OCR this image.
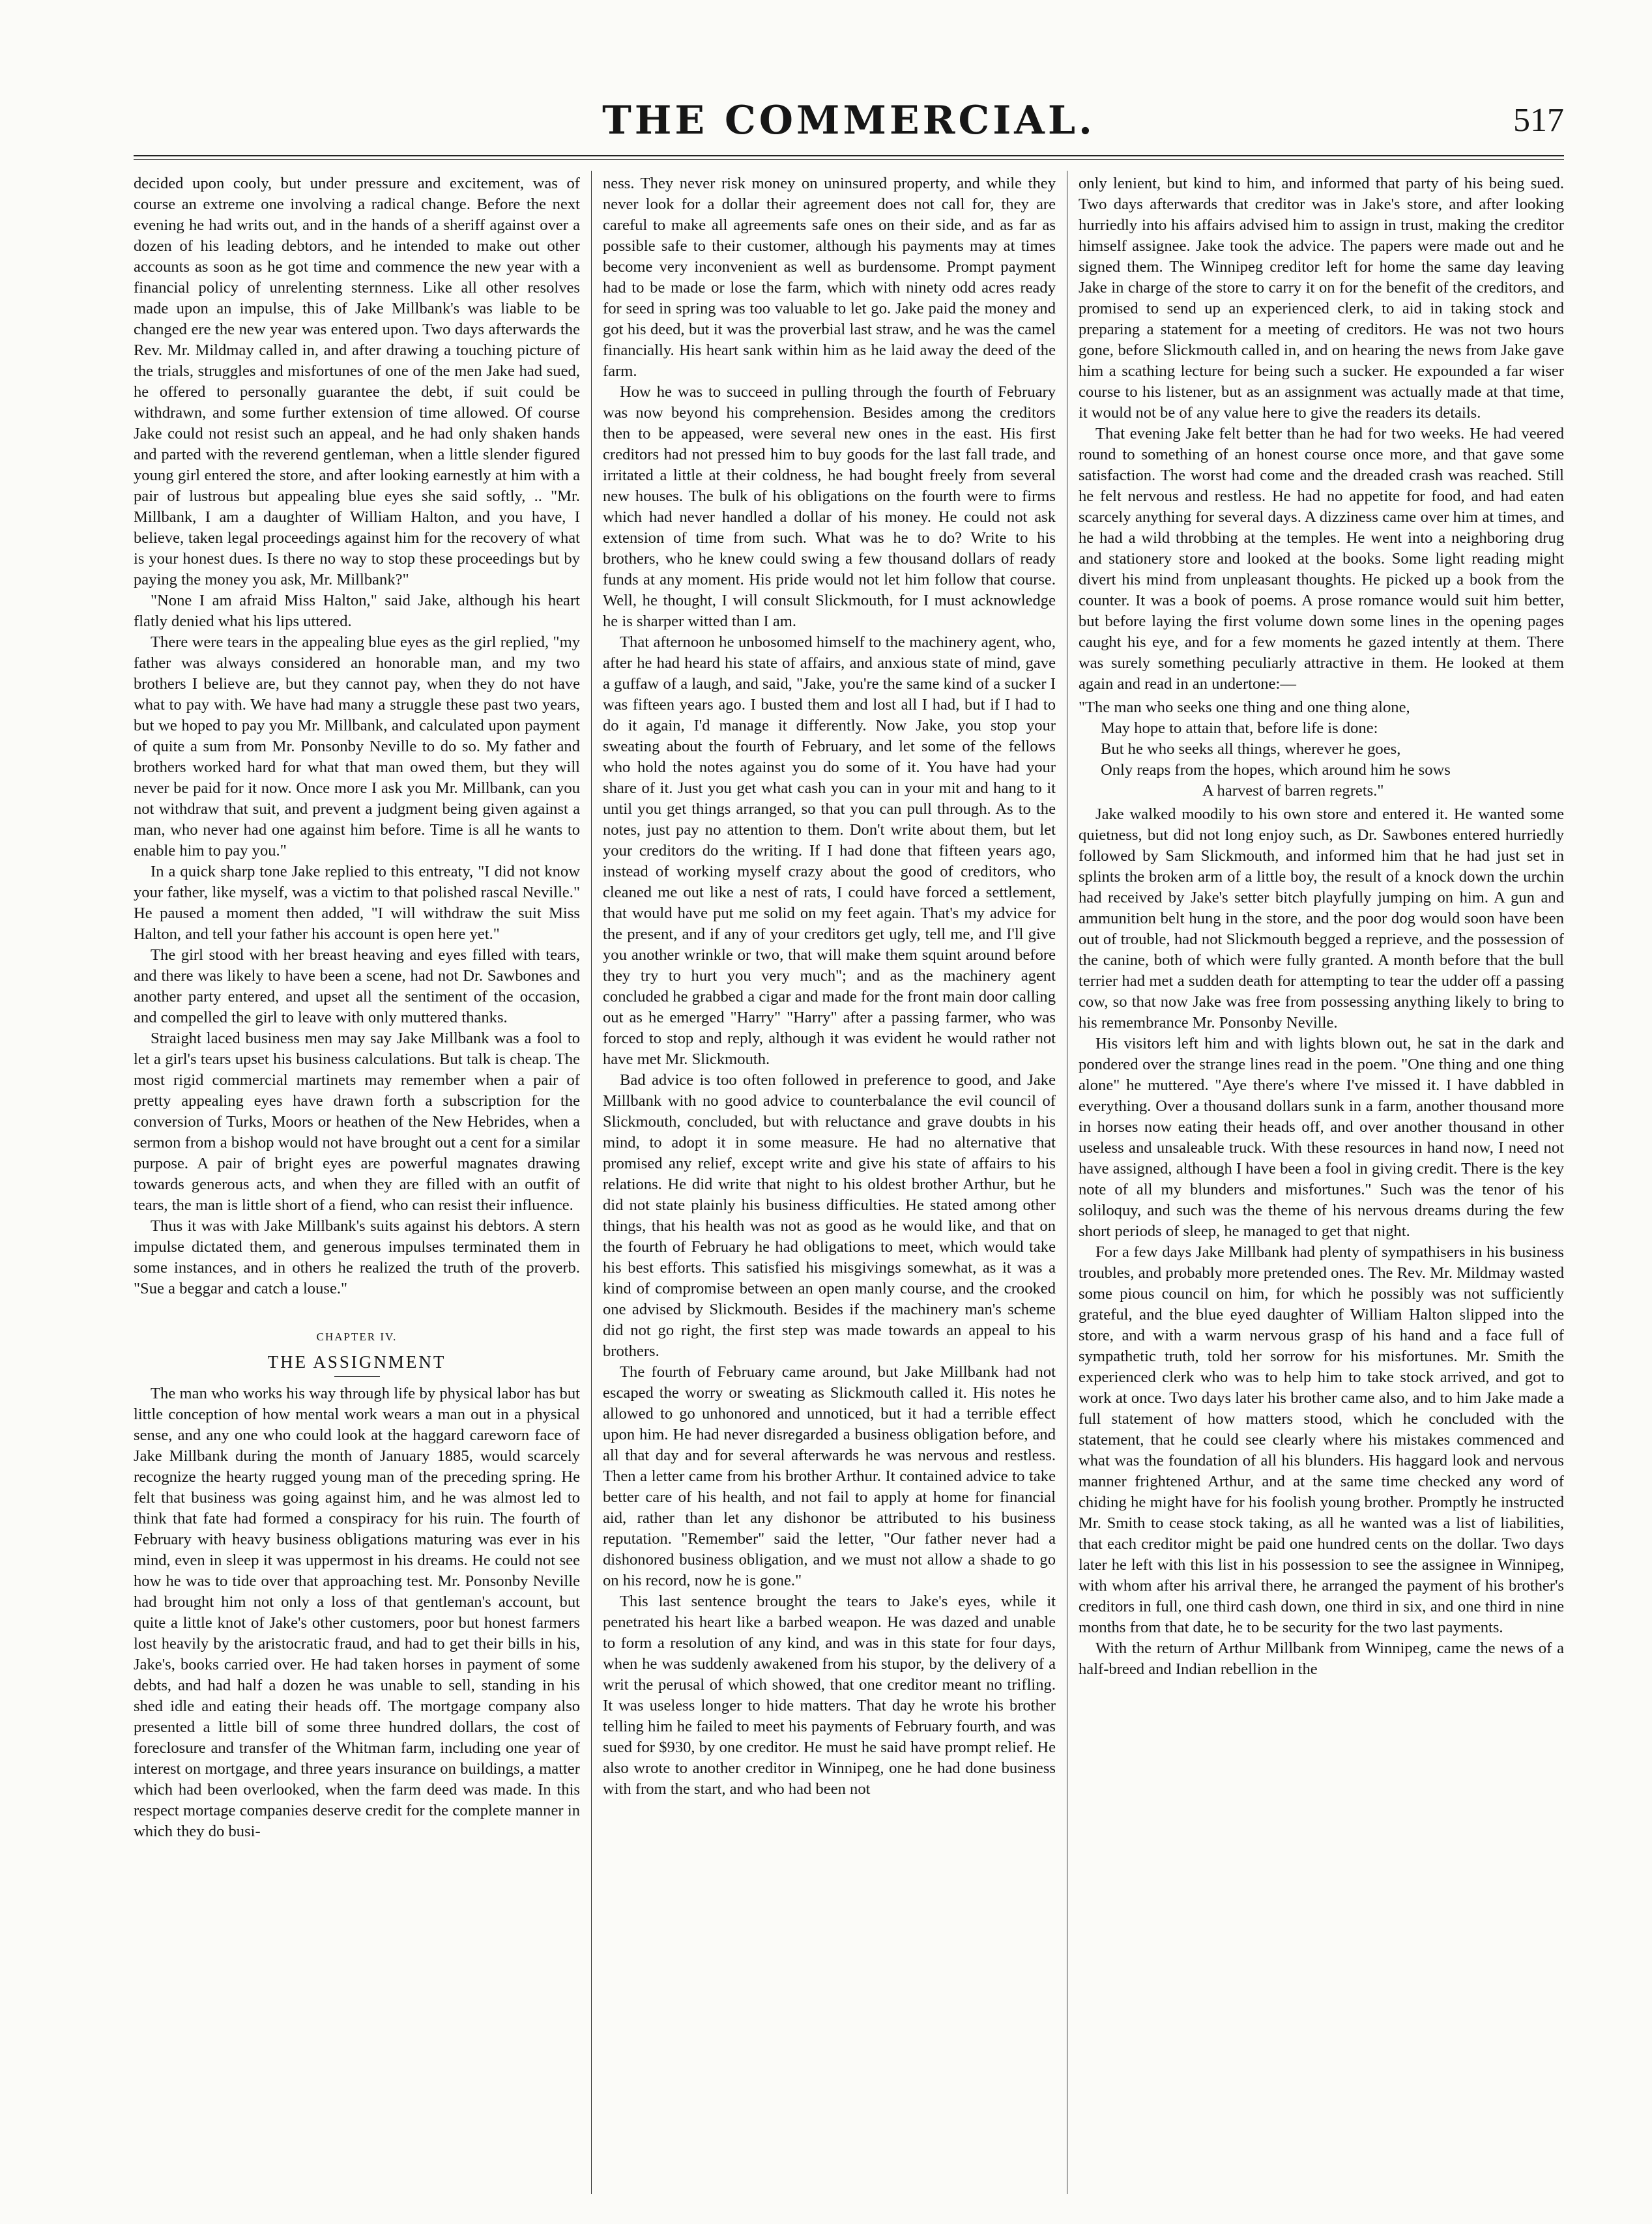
THE COMMERCIAL.	517

decided upon cooly, but under pressure and excitement, was of course an extreme one involving a radical change. Before the next evening he had writs out, and in the hands of a sheriff against over a dozen of his leading debtors, and he intended to make out other accounts as soon as he got time and commence the new year with a financial policy of unrelenting sternness. Like all other resolves made upon an impulse, this of Jake Millbank's was liable to be changed ere the new year was entered upon. Two days afterwards the Rev. Mr. Mildmay called in, and after drawing a touching picture of the trials, struggles and misfortunes of one of the men Jake had sued, he offered to personally guarantee the debt, if suit could be withdrawn, and some further extension of time allowed. Of course Jake could not resist such an appeal, and he had only shaken hands and parted with the reverend gentleman, when a little slender figured young girl entered the store, and after looking earnestly at him with a pair of lustrous but appealing blue eyes she said softly, .. "Mr. Millbank, I am a daughter of William Halton, and you have, I believe, taken legal proceedings against him for the recovery of what is your honest dues. Is there no way to stop these proceedings but by paying the money you ask, Mr. Millbank?"

"None I am afraid Miss Halton," said Jake, although his heart flatly denied what his lips uttered.

There were tears in the appealing blue eyes as the girl replied, "my father was always considered an honorable man, and my two brothers I believe are, but they cannot pay, when they do not have what to pay with. We have had many a struggle these past two years, but we hoped to pay you Mr. Millbank, and calculated upon payment of quite a sum from Mr. Ponsonby Neville to do so. My father and brothers worked hard for what that man owed them, but they will never be paid for it now. Once more I ask you Mr. Millbank, can you not withdraw that suit, and prevent a judgment being given against a man, who never had one against him before. Time is all he wants to enable him to pay you."

In a quick sharp tone Jake replied to this entreaty, "I did not know your father, like myself, was a victim to that polished rascal Neville." He paused a moment then added, "I will withdraw the suit Miss Halton, and tell your father his account is open here yet."

The girl stood with her breast heaving and eyes filled with tears, and there was likely to have been a scene, had not Dr. Sawbones and another party entered, and upset all the sentiment of the occasion, and compelled the girl to leave with only muttered thanks.

Straight laced business men may say Jake Millbank was a fool to let a girl's tears upset his business calculations. But talk is cheap. The most rigid commercial martinets may remember when a pair of pretty appealing eyes have drawn forth a subscription for the conversion of Turks, Moors or heathen of the New Hebrides, when a sermon from a bishop would not have brought out a cent for a similar purpose. A pair of bright eyes are powerful magnates drawing towards generous acts, and when they are filled with an outfit of tears, the man is little short of a fiend, who can resist their influence.

Thus it was with Jake Millbank's suits against his debtors. A stern impulse dictated them, and generous impulses terminated them in some instances, and in others he realized the truth of the proverb. "Sue a beggar and catch a louse."

CHAPTER IV.
THE ASSIGNMENT

The man who works his way through life by physical labor has but little conception of how mental work wears a man out in a physical sense, and any one who could look at the haggard careworn face of Jake Millbank during the month of January 1885, would scarcely recognize the hearty rugged young man of the preceding spring. He felt that business was going against him, and he was almost led to think that fate had formed a conspiracy for his ruin. The fourth of February with heavy business obligations maturing was ever in his mind, even in sleep it was uppermost in his dreams. He could not see how he was to tide over that approaching test. Mr. Ponsonby Neville had brought him not only a loss of that gentleman's account, but quite a little knot of Jake's other customers, poor but honest farmers lost heavily by the aristocratic fraud, and had to get their bills in his, Jake's, books carried over. He had taken horses in payment of some debts, and had half a dozen he was unable to sell, standing in his shed idle and eating their heads off. The mortgage company also presented a little bill of some three hundred dollars, the cost of foreclosure and transfer of the Whitman farm, including one year of interest on mortgage, and three years insurance on buildings, a matter which had been overlooked, when the farm deed was made. In this respect mortage companies deserve credit for the complete manner in which they do busi-

ness. They never risk money on uninsured property, and while they never look for a dollar their agreement does not call for, they are careful to make all agreements safe ones on their side, and as far as possible safe to their customer, although his payments may at times become very inconvenient as well as burdensome. Prompt payment had to be made or lose the farm, which with ninety odd acres ready for seed in spring was too valuable to let go. Jake paid the money and got his deed, but it was the proverbial last straw, and he was the camel financially. His heart sank within him as he laid away the deed of the farm.

How he was to succeed in pulling through the fourth of February was now beyond his comprehension. Besides among the creditors then to be appeased, were several new ones in the east. His first creditors had not pressed him to buy goods for the last fall trade, and irritated a little at their coldness, he had bought freely from several new houses. The bulk of his obligations on the fourth were to firms which had never handled a dollar of his money. He could not ask extension of time from such. What was he to do? Write to his brothers, who he knew could swing a few thousand dollars of ready funds at any moment. His pride would not let him follow that course. Well, he thought, I will consult Slickmouth, for I must acknowledge he is sharper witted than I am.

That afternoon he unbosomed himself to the machinery agent, who, after he had heard his state of affairs, and anxious state of mind, gave a guffaw of a laugh, and said, "Jake, you're the same kind of a sucker I was fifteen years ago. I busted them and lost all I had, but if I had to do it again, I'd manage it differently. Now Jake, you stop your sweating about the fourth of February, and let some of the fellows who hold the notes against you do some of it. You have had your share of it. Just you get what cash you can in your mit and hang to it until you get things arranged, so that you can pull through. As to the notes, just pay no attention to them. Don't write about them, but let your creditors do the writing. If I had done that fifteen years ago, instead of working myself crazy about the good of creditors, who cleaned me out like a nest of rats, I could have forced a settlement, that would have put me solid on my feet again. That's my advice for the present, and if any of your creditors get ugly, tell me, and I'll give you another wrinkle or two, that will make them squint around before they try to hurt you very much"; and as the machinery agent concluded he grabbed a cigar and made for the front main door calling out as he emerged "Harry" "Harry" after a passing farmer, who was forced to stop and reply, although it was evident he would rather not have met Mr. Slickmouth.

Bad advice is too often followed in preference to good, and Jake Millbank with no good advice to counterbalance the evil council of Slickmouth, concluded, but with reluctance and grave doubts in his mind, to adopt it in some measure. He had no alternative that promised any relief, except write and give his state of affairs to his relations. He did write that night to his oldest brother Arthur, but he did not state plainly his business difficulties. He stated among other things, that his health was not as good as he would like, and that on the fourth of February he had obligations to meet, which would take his best efforts. This satisfied his misgivings somewhat, as it was a kind of compromise between an open manly course, and the crooked one advised by Slickmouth. Besides if the machinery man's scheme did not go right, the first step was made towards an appeal to his brothers.

The fourth of February came around, but Jake Millbank had not escaped the worry or sweating as Slickmouth called it. His notes he allowed to go unhonored and unnoticed, but it had a terrible effect upon him. He had never disregarded a business obligation before, and all that day and for several afterwards he was nervous and restless. Then a letter came from his brother Arthur. It contained advice to take better care of his health, and not fail to apply at home for financial aid, rather than let any dishonor be attributed to his business reputation. "Remember" said the letter, "Our father never had a dishonored business obligation, and we must not allow a shade to go on his record, now he is gone."

This last sentence brought the tears to Jake's eyes, while it penetrated his heart like a barbed weapon. He was dazed and unable to form a resolution of any kind, and was in this state for four days, when he was suddenly awakened from his stupor, by the delivery of a writ the perusal of which showed, that one creditor meant no trifling. It was useless longer to hide matters. That day he wrote his brother telling him he failed to meet his payments of February fourth, and was sued for $930, by one creditor. He must he said have prompt relief. He also wrote to another creditor in Winnipeg, one he had done business with from the start, and who had been not

only lenient, but kind to him, and informed that party of his being sued. Two days afterwards that creditor was in Jake's store, and after looking hurriedly into his affairs advised him to assign in trust, making the creditor himself assignee. Jake took the advice. The papers were made out and he signed them. The Winnipeg creditor left for home the same day leaving Jake in charge of the store to carry it on for the benefit of the creditors, and promised to send up an experienced clerk, to aid in taking stock and preparing a statement for a meeting of creditors. He was not two hours gone, before Slickmouth called in, and on hearing the news from Jake gave him a scathing lecture for being such a sucker. He expounded a far wiser course to his listener, but as an assignment was actually made at that time, it would not be of any value here to give the readers its details.

That evening Jake felt better than he had for two weeks. He had veered round to something of an honest course once more, and that gave some satisfaction. The worst had come and the dreaded crash was reached. Still he felt nervous and restless. He had no appetite for food, and had eaten scarcely anything for several days. A dizziness came over him at times, and he had a wild throbbing at the temples. He went into a neighboring drug and stationery store and looked at the books. Some light reading might divert his mind from unpleasant thoughts. He picked up a book from the counter. It was a book of poems. A prose romance would suit him better, but before laying the first volume down some lines in the opening pages caught his eye, and for a few moments he gazed intently at them. There was surely something peculiarly attractive in them. He looked at them again and read in an undertone:—

"The man who seeks one thing and one thing alone,
May hope to attain that, before life is done:
But he who seeks all things, wherever he goes,
Only reaps from the hopes, which around him he sows
A harvest of barren regrets."

Jake walked moodily to his own store and entered it. He wanted some quietness, but did not long enjoy such, as Dr. Sawbones entered hurriedly followed by Sam Slickmouth, and informed him that he had just set in splints the broken arm of a little boy, the result of a knock down the urchin had received by Jake's setter bitch playfully jumping on him. A gun and ammunition belt hung in the store, and the poor dog would soon have been out of trouble, had not Slickmouth begged a reprieve, and the possession of the canine, both of which were fully granted. A month before that the bull terrier had met a sudden death for attempting to tear the udder off a passing cow, so that now Jake was free from possessing anything likely to bring to his remembrance Mr. Ponsonby Neville.

His visitors left him and with lights blown out, he sat in the dark and pondered over the strange lines read in the poem. "One thing and one thing alone" he muttered. "Aye there's where I've missed it. I have dabbled in everything. Over a thousand dollars sunk in a farm, another thousand more in horses now eating their heads off, and over another thousand in other useless and unsaleable truck. With these resources in hand now, I need not have assigned, although I have been a fool in giving credit. There is the key note of all my blunders and misfortunes." Such was the tenor of his soliloquy, and such was the theme of his nervous dreams during the few short periods of sleep, he managed to get that night.

For a few days Jake Millbank had plenty of sympathisers in his business troubles, and probably more pretended ones. The Rev. Mr. Mildmay wasted some pious council on him, for which he possibly was not sufficiently grateful, and the blue eyed daughter of William Halton slipped into the store, and with a warm nervous grasp of his hand and a face full of sympathetic truth, told her sorrow for his misfortunes. Mr. Smith the experienced clerk who was to help him to take stock arrived, and got to work at once. Two days later his brother came also, and to him Jake made a full statement of how matters stood, which he concluded with the statement, that he could see clearly where his mistakes commenced and what was the foundation of all his blunders. His haggard look and nervous manner frightened Arthur, and at the same time checked any word of chiding he might have for his foolish young brother. Promptly he instructed Mr. Smith to cease stock taking, as all he wanted was a list of liabilities, that each creditor might be paid one hundred cents on the dollar. Two days later he left with this list in his possession to see the assignee in Winnipeg, with whom after his arrival there, he arranged the payment of his brother's creditors in full, one third cash down, one third in six, and one third in nine months from that date, he to be security for the two last payments.

With the return of Arthur Millbank from Winnipeg, came the news of a half-breed and Indian rebellion in the
